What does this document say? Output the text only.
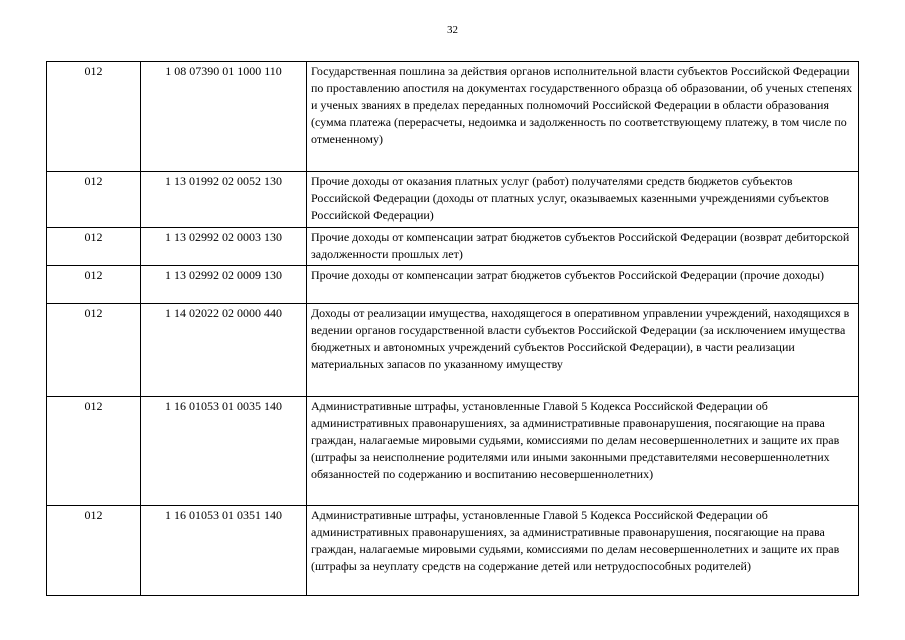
32
012	1 08 07390 01 1000 110	Государственная пошлина за действия органов исполнительной власти субъектов Российской Федерации по проставлению апостиля на документах государственного образца об образовании, об ученых степенях и ученых званиях в пределах переданных полномочий Российской Федерации в области образования (сумма платежа (перерасчеты, недоимка и задолженность по соответствующему платежу, в том числе по отмененному)
012	1 13 01992 02 0052 130	Прочие доходы от оказания платных услуг (работ) получателями средств бюджетов субъектов Российской Федерации (доходы от платных услуг, оказываемых казенными учреждениями субъектов Российской Федерации)
012	1 13 02992 02 0003 130	Прочие доходы от компенсации затрат бюджетов субъектов Российской Федерации (возврат дебиторской задолженности прошлых лет)
012	1 13 02992 02 0009 130	Прочие доходы от компенсации затрат бюджетов субъектов Российской Федерации (прочие доходы)
012	1 14 02022 02 0000 440	Доходы от реализации имущества, находящегося в оперативном управлении учреждений, находящихся в ведении органов государственной власти субъектов Российской Федерации (за исключением имущества бюджетных и автономных учреждений субъектов Российской Федерации), в части реализации материальных запасов по указанному имуществу
012	1 16 01053 01 0035 140	Административные штрафы, установленные Главой 5 Кодекса Российской Федерации об административных правонарушениях, за административные правонарушения, посягающие на права граждан, налагаемые мировыми судьями, комиссиями по делам несовершеннолетних и защите их прав (штрафы за неисполнение родителями или иными законными представителями несовершеннолетних обязанностей по содержанию и воспитанию несовершеннолетних)
012	1 16 01053 01 0351 140	Административные штрафы, установленные Главой 5 Кодекса Российской Федерации об административных правонарушениях, за административные правонарушения, посягающие на права граждан, налагаемые мировыми судьями, комиссиями по делам несовершеннолетних и защите их прав (штрафы за неуплату средств на содержание детей или нетрудоспособных родителей)
